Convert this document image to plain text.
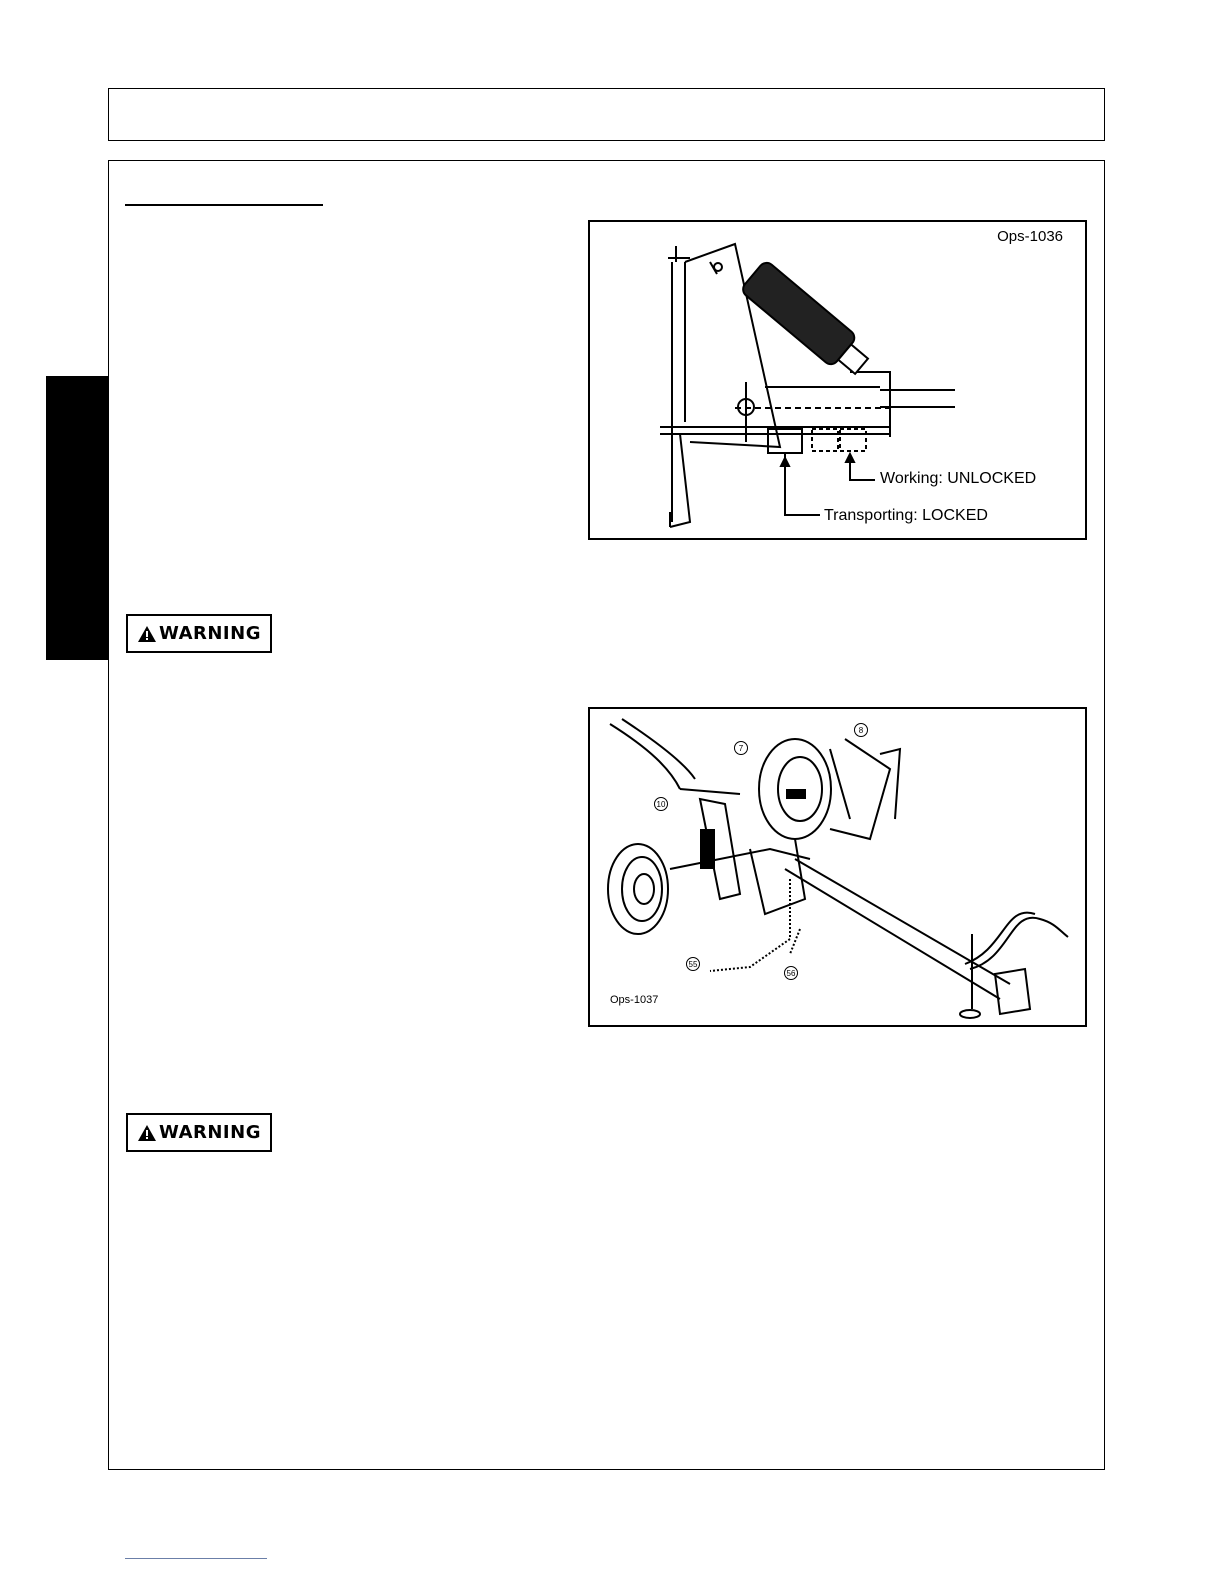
Ops-1036
Working: UNLOCKED
Transporting: LOCKED
WARNING
7
8
10
55
56
Ops-1037
WARNING
